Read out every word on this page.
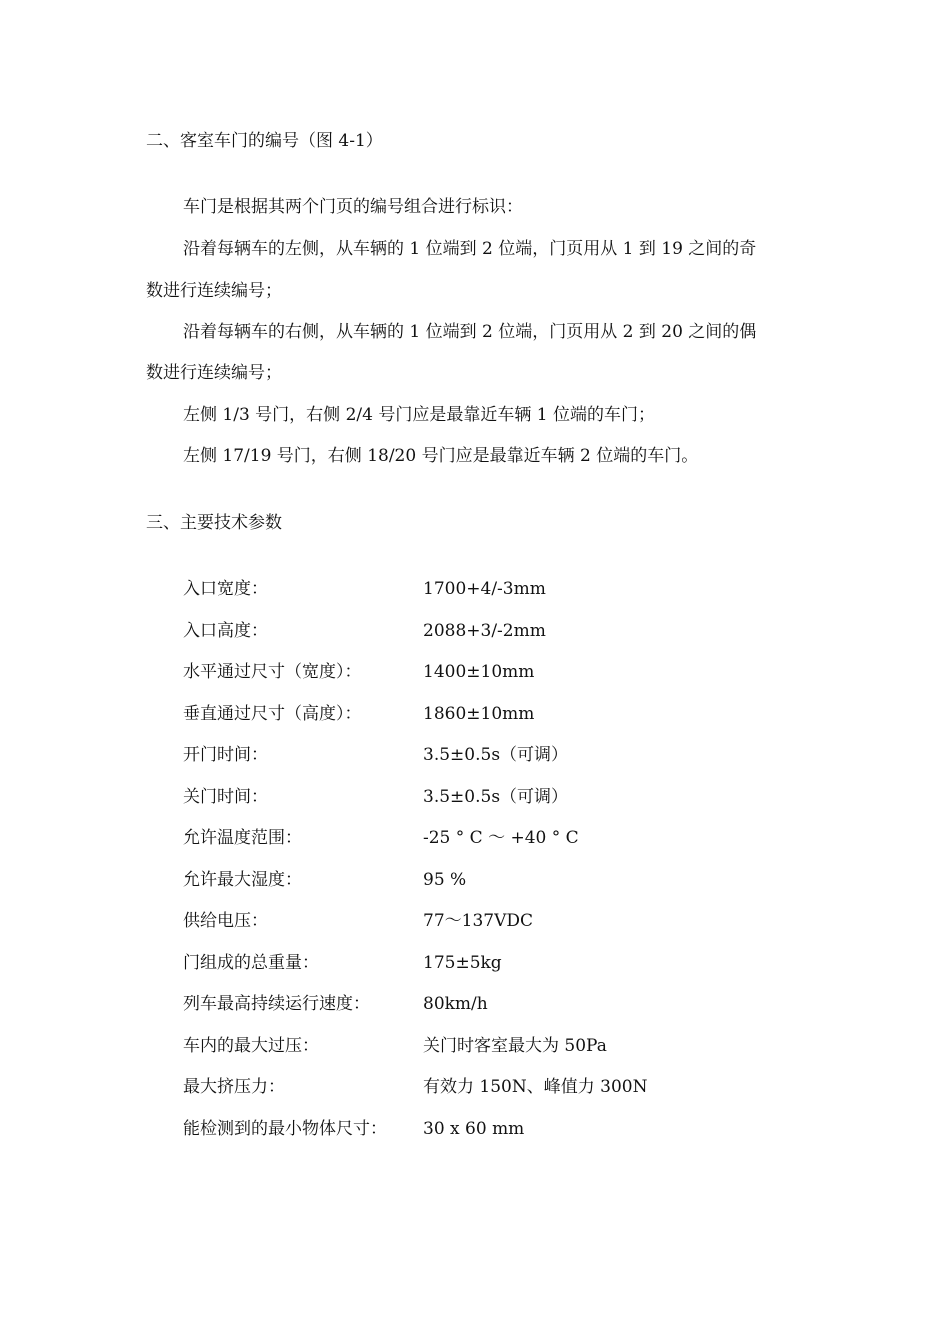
二、客室车门的编号（图 4-1）
车门是根据其两个门页的编号组合进行标识：
沿着每辆车的左侧，从车辆的 1 位端到 2 位端，门页用从 1 到 19 之间的奇
数进行连续编号；
沿着每辆车的右侧，从车辆的 1 位端到 2 位端，门页用从 2 到 20 之间的偶
数进行连续编号；
左侧 1/3 号门，右侧 2/4 号门应是最靠近车辆 1 位端的车门；
左侧 17/19 号门，右侧 18/20 号门应是最靠近车辆 2 位端的车门。
三、主要技术参数
入口宽度：	1700+4/-3mm
入口高度：	2088+3/-2mm
水平通过尺寸（宽度）：	1400±10mm
垂直通过尺寸（高度）：	1860±10mm
开门时间：	3.5±0.5s（可调）
关门时间：	3.5±0.5s（可调）
允许温度范围：	-25 ° C ～ +40 ° C
允许最大湿度：	95 %
供给电压：	77～137VDC
门组成的总重量：	175±5kg
列车最高持续运行速度：	80km/h
车内的最大过压：	关门时客室最大为 50Pa
最大挤压力：	有效力 150N、峰值力 300N
能检测到的最小物体尺寸： 30 x 60 mm
